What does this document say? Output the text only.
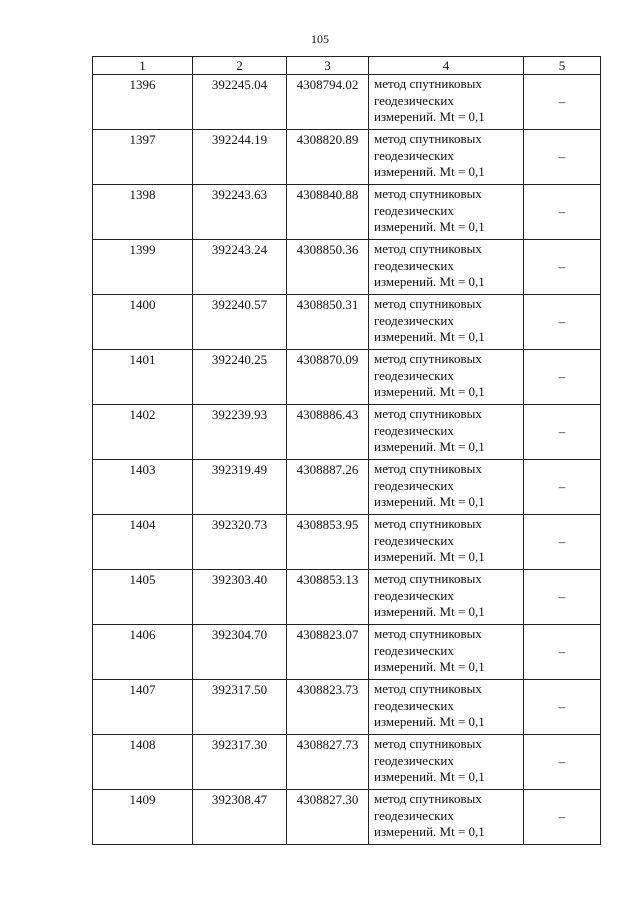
105
1	2	3	4	5
1396	392245.04	4308794.02	метод спутниковых
геодезических
измерений. Mt = 0,1	–
1397	392244.19	4308820.89	метод спутниковых
геодезических
измерений. Mt = 0,1	–
1398	392243.63	4308840.88	метод спутниковых
геодезических
измерений. Mt = 0,1	–
1399	392243.24	4308850.36	метод спутниковых
геодезических
измерений. Mt = 0,1	–
1400	392240.57	4308850.31	метод спутниковых
геодезических
измерений. Mt = 0,1	–
1401	392240.25	4308870.09	метод спутниковых
геодезических
измерений. Mt = 0,1	–
1402	392239.93	4308886.43	метод спутниковых
геодезических
измерений. Mt = 0,1	–
1403	392319.49	4308887.26	метод спутниковых
геодезических
измерений. Mt = 0,1	–
1404	392320.73	4308853.95	метод спутниковых
геодезических
измерений. Mt = 0,1	–
1405	392303.40	4308853.13	метод спутниковых
геодезических
измерений. Mt = 0,1	–
1406	392304.70	4308823.07	метод спутниковых
геодезических
измерений. Mt = 0,1	–
1407	392317.50	4308823.73	метод спутниковых
геодезических
измерений. Mt = 0,1	–
1408	392317.30	4308827.73	метод спутниковых
геодезических
измерений. Mt = 0,1	–
1409	392308.47	4308827.30	метод спутниковых
геодезических
измерений. Mt = 0,1	–
